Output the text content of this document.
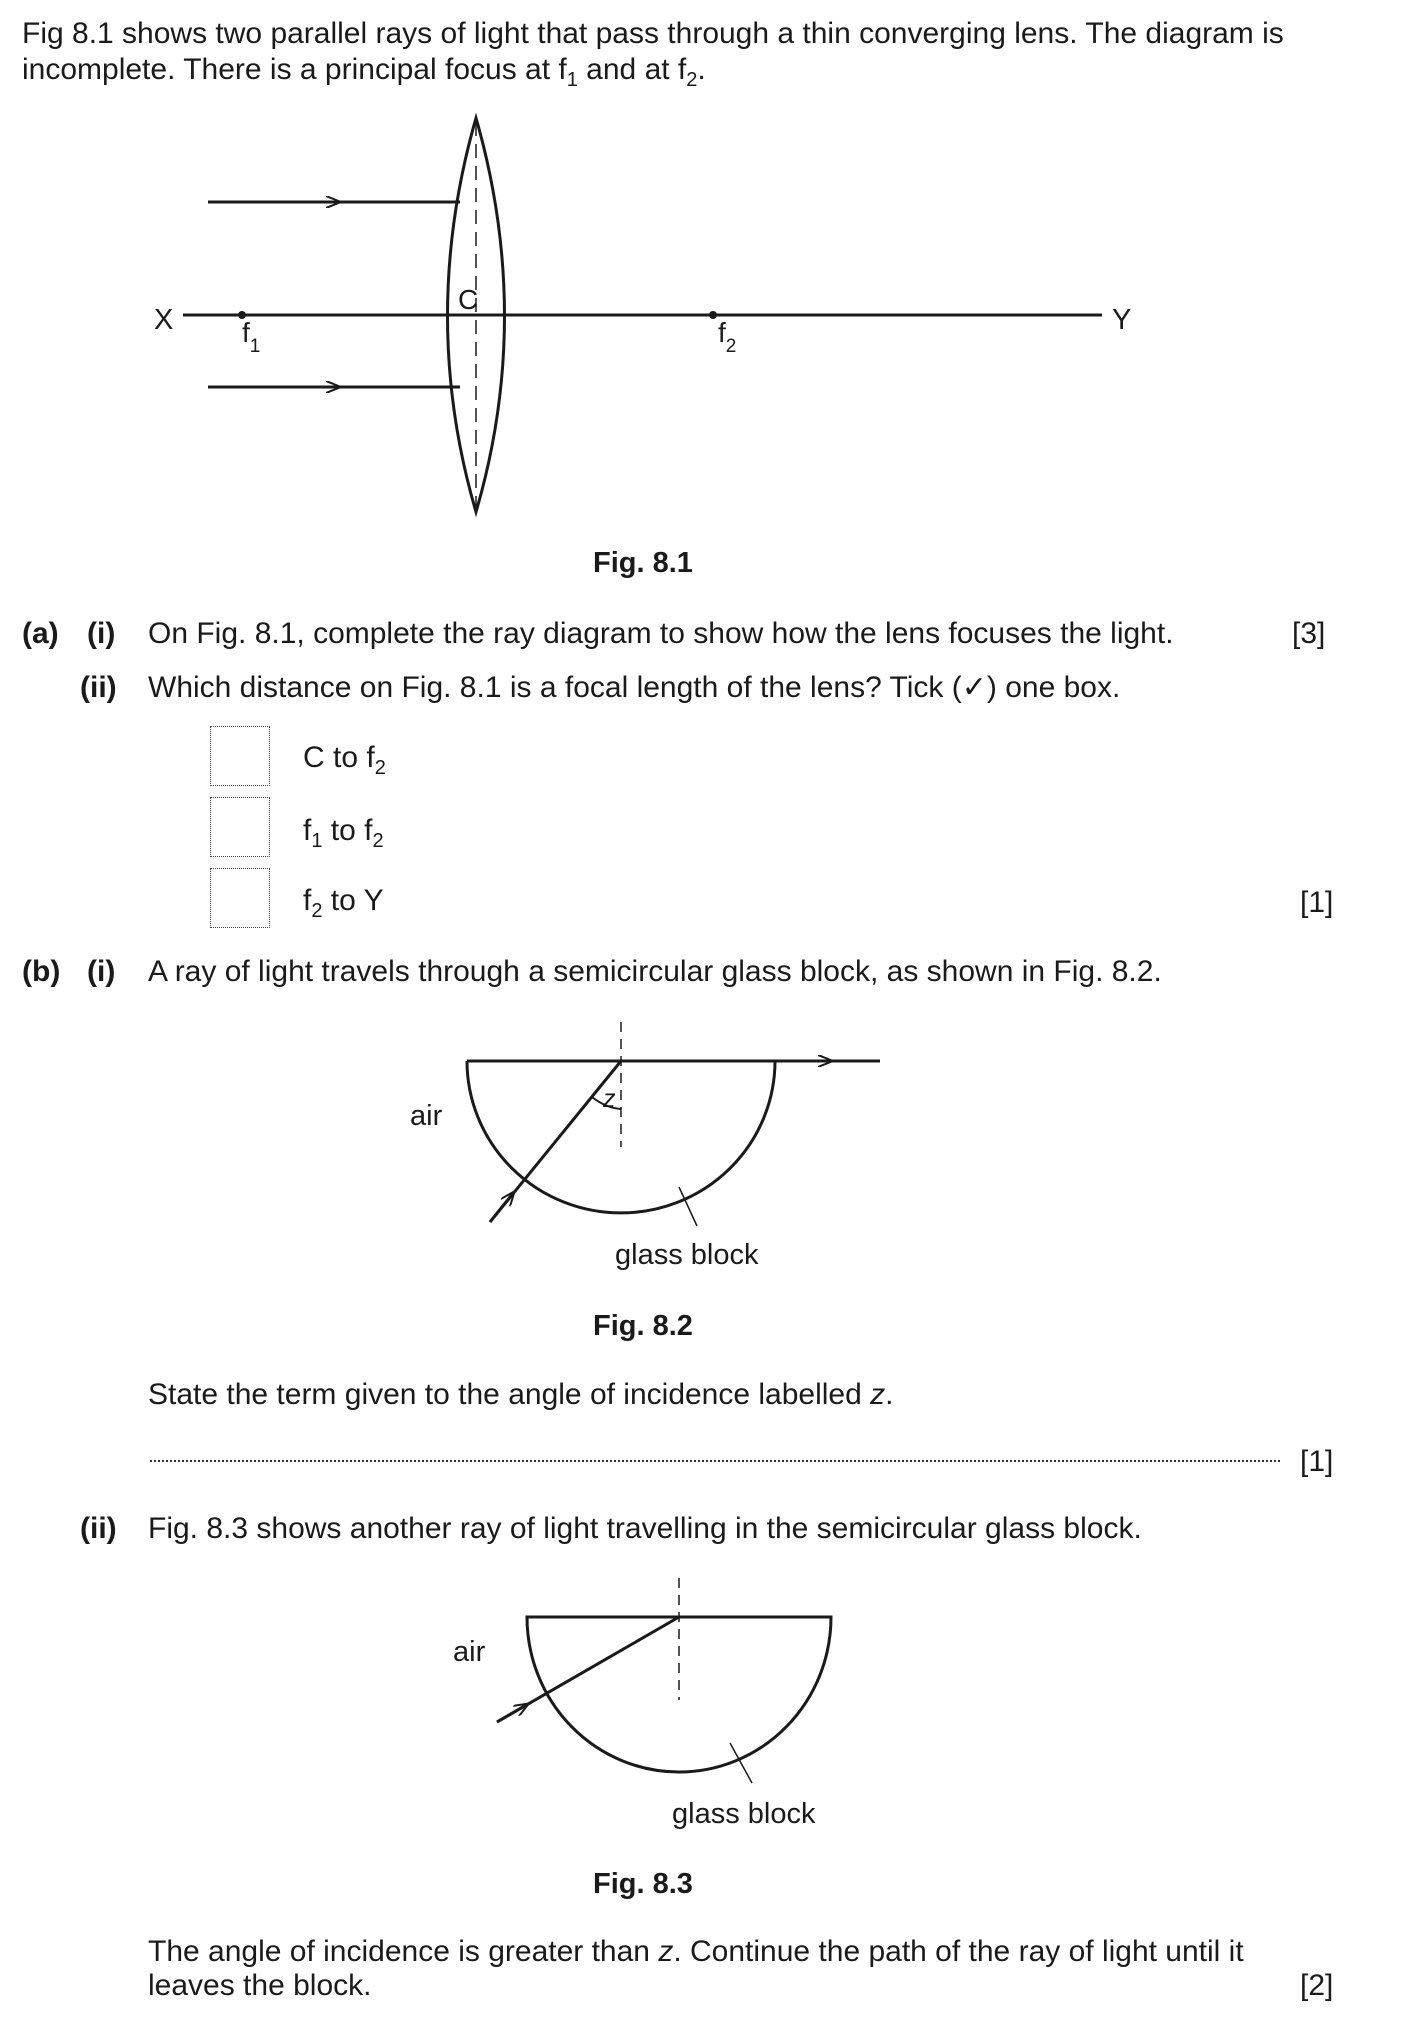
Fig 8.1 shows two parallel rays of light that pass through a thin converging lens. The diagram is
incomplete. There is a principal focus at $f_1$ and at $f_2$.
X	Y
C
$f_1$	$f_2$
Fig. 8.1
(a) (i) On Fig. 8.1, complete the ray diagram to show how the lens focuses the light.	[3]
(ii) Which distance on Fig. 8.1 is a focal length of the lens? Tick (✓) one box.
C to $f_2$
$f_1$ to $f_2$
$f_2$ to Y	[1]
(b) (i) A ray of light travels through a semicircular glass block, as shown in Fig. 8.2.
z
air
glass block
Fig. 8.2
State the term given to the angle of incidence labelled z.
[1]
(ii) Fig. 8.3 shows another ray of light travelling in the semicircular glass block.
air
glass block
Fig. 8.3
The angle of incidence is greater than z. Continue the path of the ray of light until it
leaves the block.	[2]
